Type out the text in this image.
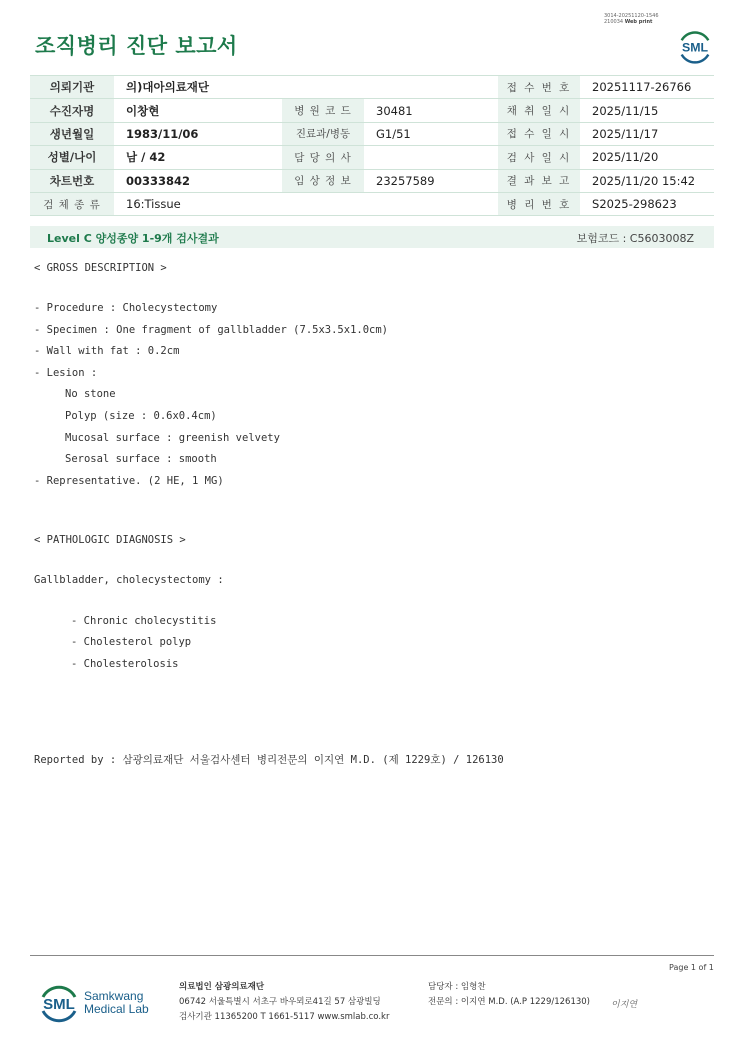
3014-20251120-1546
210034 Web print
조직병리 진단 보고서	SML
의뢰기관	의)대아의료재단			접 수 번 호	20251117-26766
수진자명	이창현	병 원 코 드	30481	채 취 일 시	2025/11/15
생년월일	1983/11/06	진료과/병동	G1/51	접 수 일 시	2025/11/17
성별/나이	남 / 42	담 당 의 사		검 사 일 시	2025/11/20
차트번호	00333842	임 상 정 보	23257589	결 과 보 고	2025/11/20 15:42
검 체 종 류	16:Tissue			병 리 번 호	S2025-298623
Level C 양성종양 1-9개 검사결과	보험코드 : C5603008Z
< GROSS DESCRIPTION >
- Procedure : Cholecystectomy
- Specimen : One fragment of gallbladder (7.5x3.5x1.0cm)
- Wall with fat : 0.2cm
- Lesion :
No stone
Polyp (size : 0.6x0.4cm)
Mucosal surface : greenish velvety
Serosal surface : smooth
- Representative. (2 HE, 1 MG)
< PATHOLOGIC DIAGNOSIS >
Gallbladder, cholecystectomy :
- Chronic cholecystitis
- Cholesterol polyp
- Cholesterolosis
Reported by : 삼광의료재단 서울검사센터 병리전문의 이지연 M.D. (제 1229호) / 126130
Page 1 of 1
SML Samkwang
Medical Lab
의료법인 삼광의료재단
06742 서울특별시 서초구 바우뫼로41길 57 삼광빌딩
검사기관 11365200 T 1661-5117 www.smlab.co.kr
담당자 : 임형찬
전문의 : 이지연 M.D. (A.P 1229/126130) 이지연
